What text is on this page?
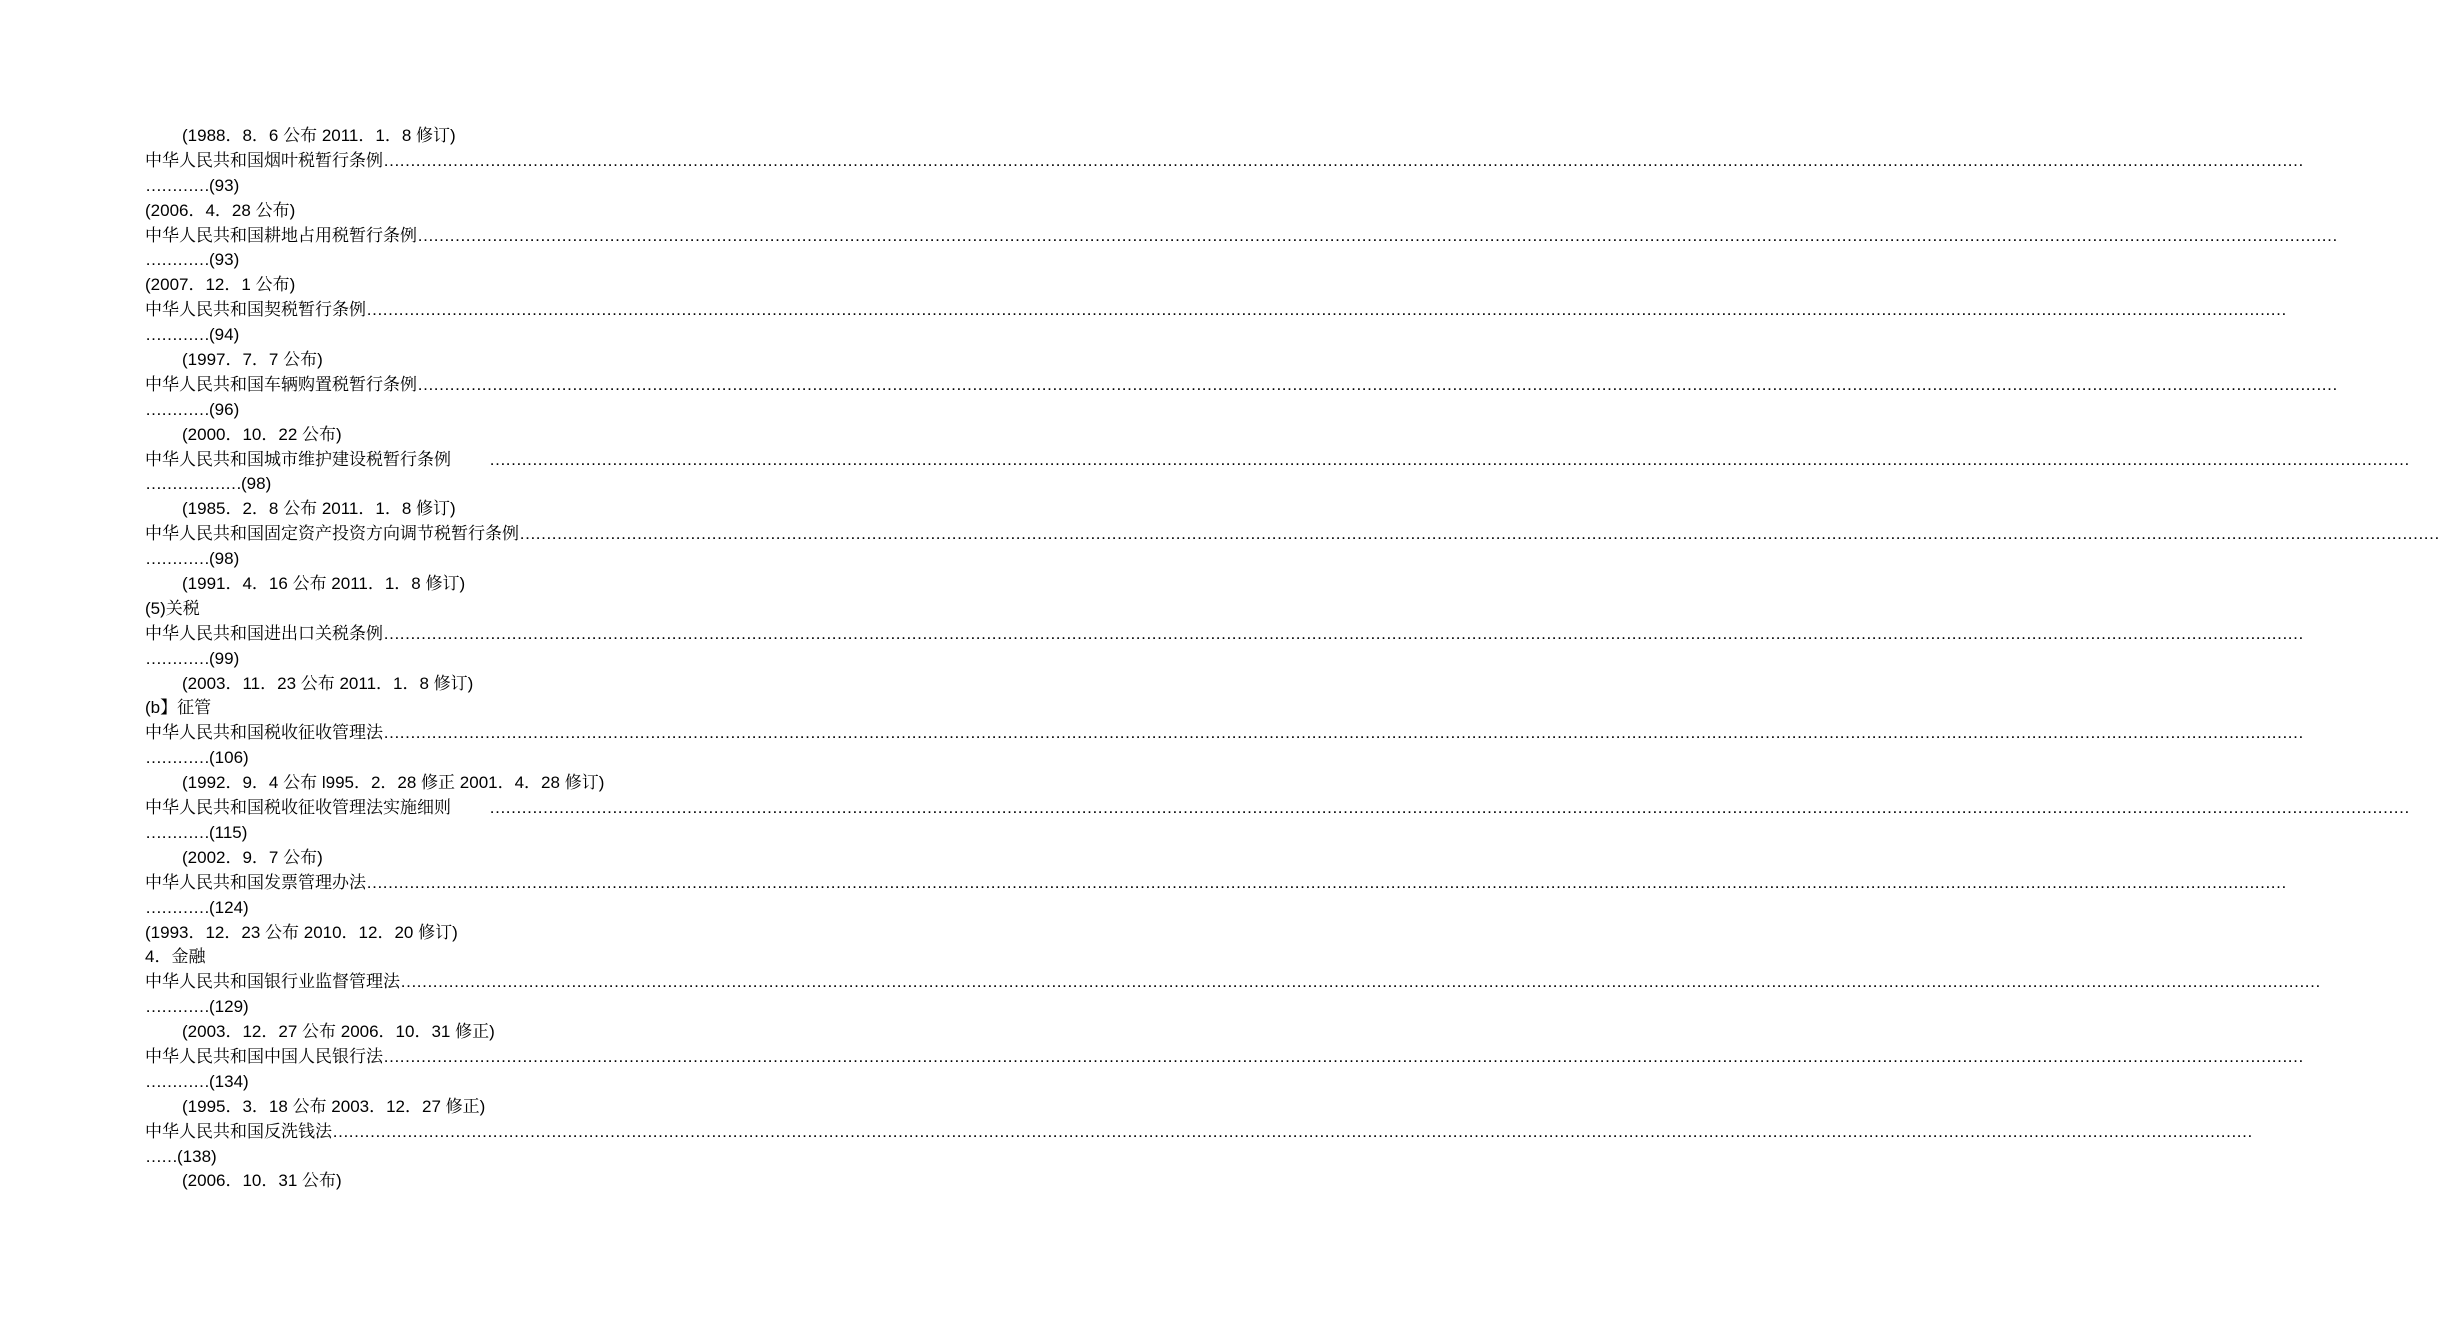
(1988．8．6 公布 2011．1．8 修订)
中华人民共和国烟叶税暂行条例 ………………………………………………………………………………………………………………………………………………………………………………………………………………………………………………………………………………………………………………………………
…………(93)
(2006．4．28 公布)
中华人民共和国耕地占用税暂行条例 ………………………………………………………………………………………………………………………………………………………………………………………………………………………………………………………………………………………………………………………………
…………(93)
(2007．12．1 公布)
中华人民共和国契税暂行条例 ………………………………………………………………………………………………………………………………………………………………………………………………………………………………………………………………………………………………………………………………
…………(94)
(1997．7．7 公布)
中华人民共和国车辆购置税暂行条例 ………………………………………………………………………………………………………………………………………………………………………………………………………………………………………………………………………………………………………………………………
…………(96)
(2000．10．22 公布)
中华人民共和国城市维护建设税暂行条例 ………………………………………………………………………………………………………………………………………………………………………………………………………………………………………………………………………………………………………………………………
………………(98)
(1985．2．8 公布 2011．1．8 修订)
中华人民共和国固定资产投资方向调节税暂行条例 ………………………………………………………………………………………………………………………………………………………………………………………………………………………………………………………………………………………………………………………………
…………(98)
(1991．4．16 公布 2011．1．8 修订)
(5)关税
中华人民共和国进出口关税条例 ………………………………………………………………………………………………………………………………………………………………………………………………………………………………………………………………………………………………………………………………
…………(99)
(2003．11．23 公布 2011．1．8 修订)
(b】征管
中华人民共和国税收征收管理法 ………………………………………………………………………………………………………………………………………………………………………………………………………………………………………………………………………………………………………………………………
…………(106)
(1992．9．4 公布 l995．2．28 修正 2001．4．28 修订)
中华人民共和国税收征收管理法实施细则 ………………………………………………………………………………………………………………………………………………………………………………………………………………………………………………………………………………………………………………………………
…………(115)
(2002．9．7 公布)
中华人民共和国发票管理办法 ………………………………………………………………………………………………………………………………………………………………………………………………………………………………………………………………………………………………………………………………
…………(124)
(1993．12．23 公布 2010．12．20 修订)
4．金融
中华人民共和国银行业监督管理法 ………………………………………………………………………………………………………………………………………………………………………………………………………………………………………………………………………………………………………………………………
…………(129)
(2003．12．27 公布 2006．10．31 修正)
中华人民共和国中国人民银行法 ………………………………………………………………………………………………………………………………………………………………………………………………………………………………………………………………………………………………………………………………
…………(134)
(1995．3．18 公布 2003．12．27 修正)
中华人民共和国反洗钱法 ………………………………………………………………………………………………………………………………………………………………………………………………………………………………………………………………………………………………………………………………
……(138)
(2006．10．31 公布)
